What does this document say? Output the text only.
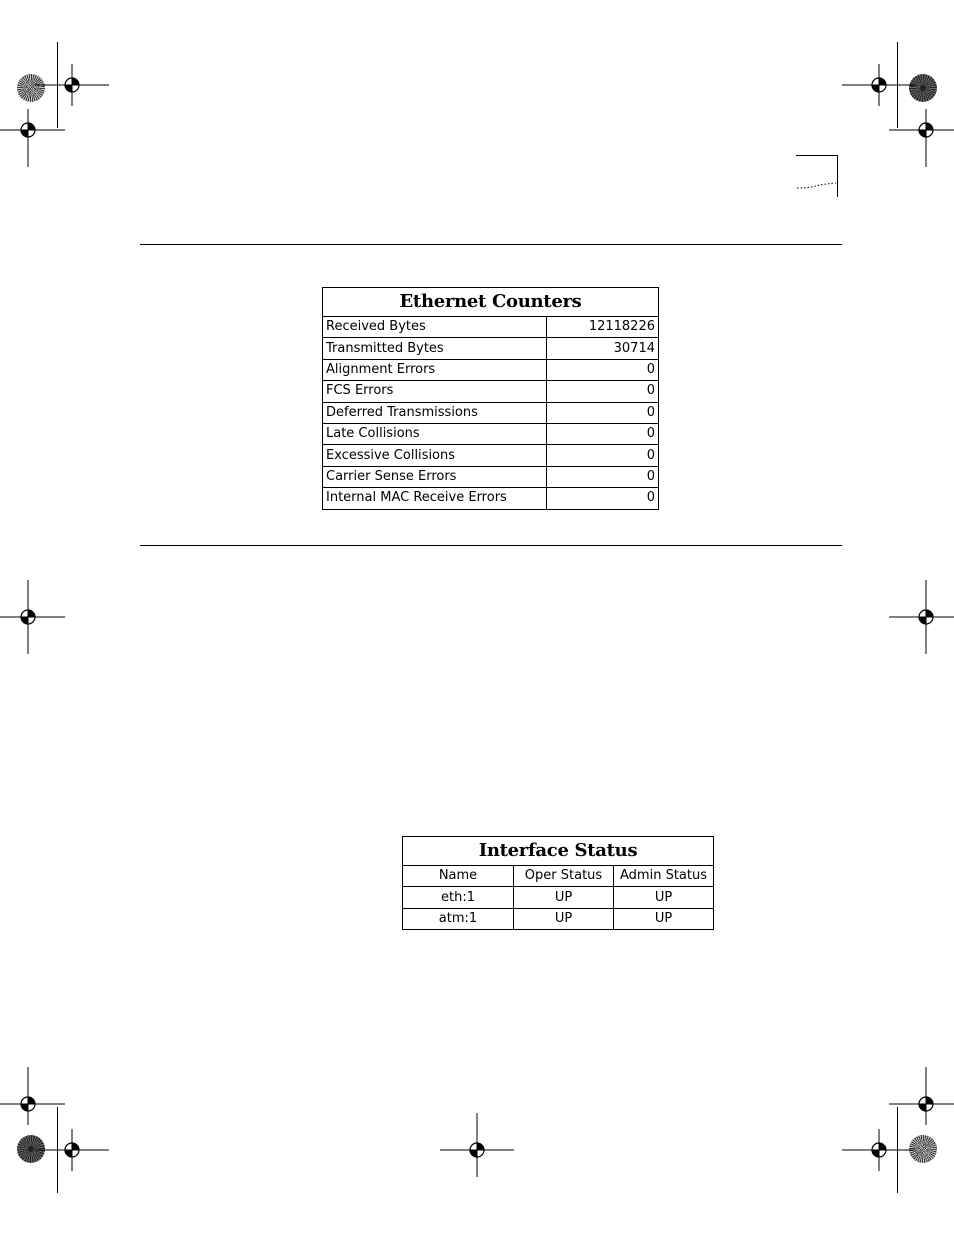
Ethernet Counters	
Received Bytes	12118226
Transmitted Bytes	30714
Alignment Errors	0
FCS Errors	0
Deferred Transmissions	0
Late Collisions	0
Excessive Collisions	0
Carrier Sense Errors	0
Internal MAC Receive Errors	0
Interface Status		
Name	Oper Status	Admin Status
eth:1	UP	UP
atm:1	UP	UP
